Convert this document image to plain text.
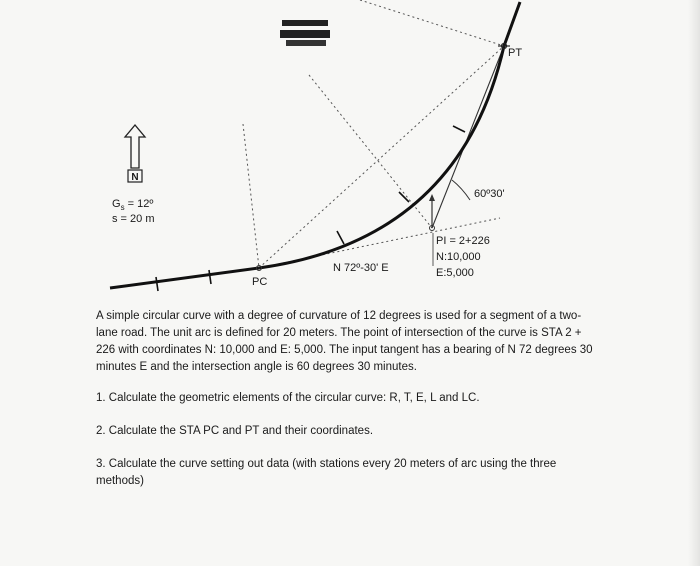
N
$G_s$ = 12º
s = 20 m
PC
PT
N 72º-30' E
60º30'
PI = 2+226
N:10,000
E:5,000

A simple circular curve with a degree of curvature of 12 degrees is used for a segment of a two-lane road. The unit arc is defined for 20 meters. The point of intersection of the curve is STA 2 + 226 with coordinates N: 10,000 and E: 5,000. The input tangent has a bearing of N 72 degrees 30 minutes E and the intersection angle is 60 degrees 30 minutes.

1. Calculate the geometric elements of the circular curve: R, T, E, L and LC.
2. Calculate the STA PC and PT and their coordinates.
3. Calculate the curve setting out data (with stations every 20 meters of arc using the three methods)
